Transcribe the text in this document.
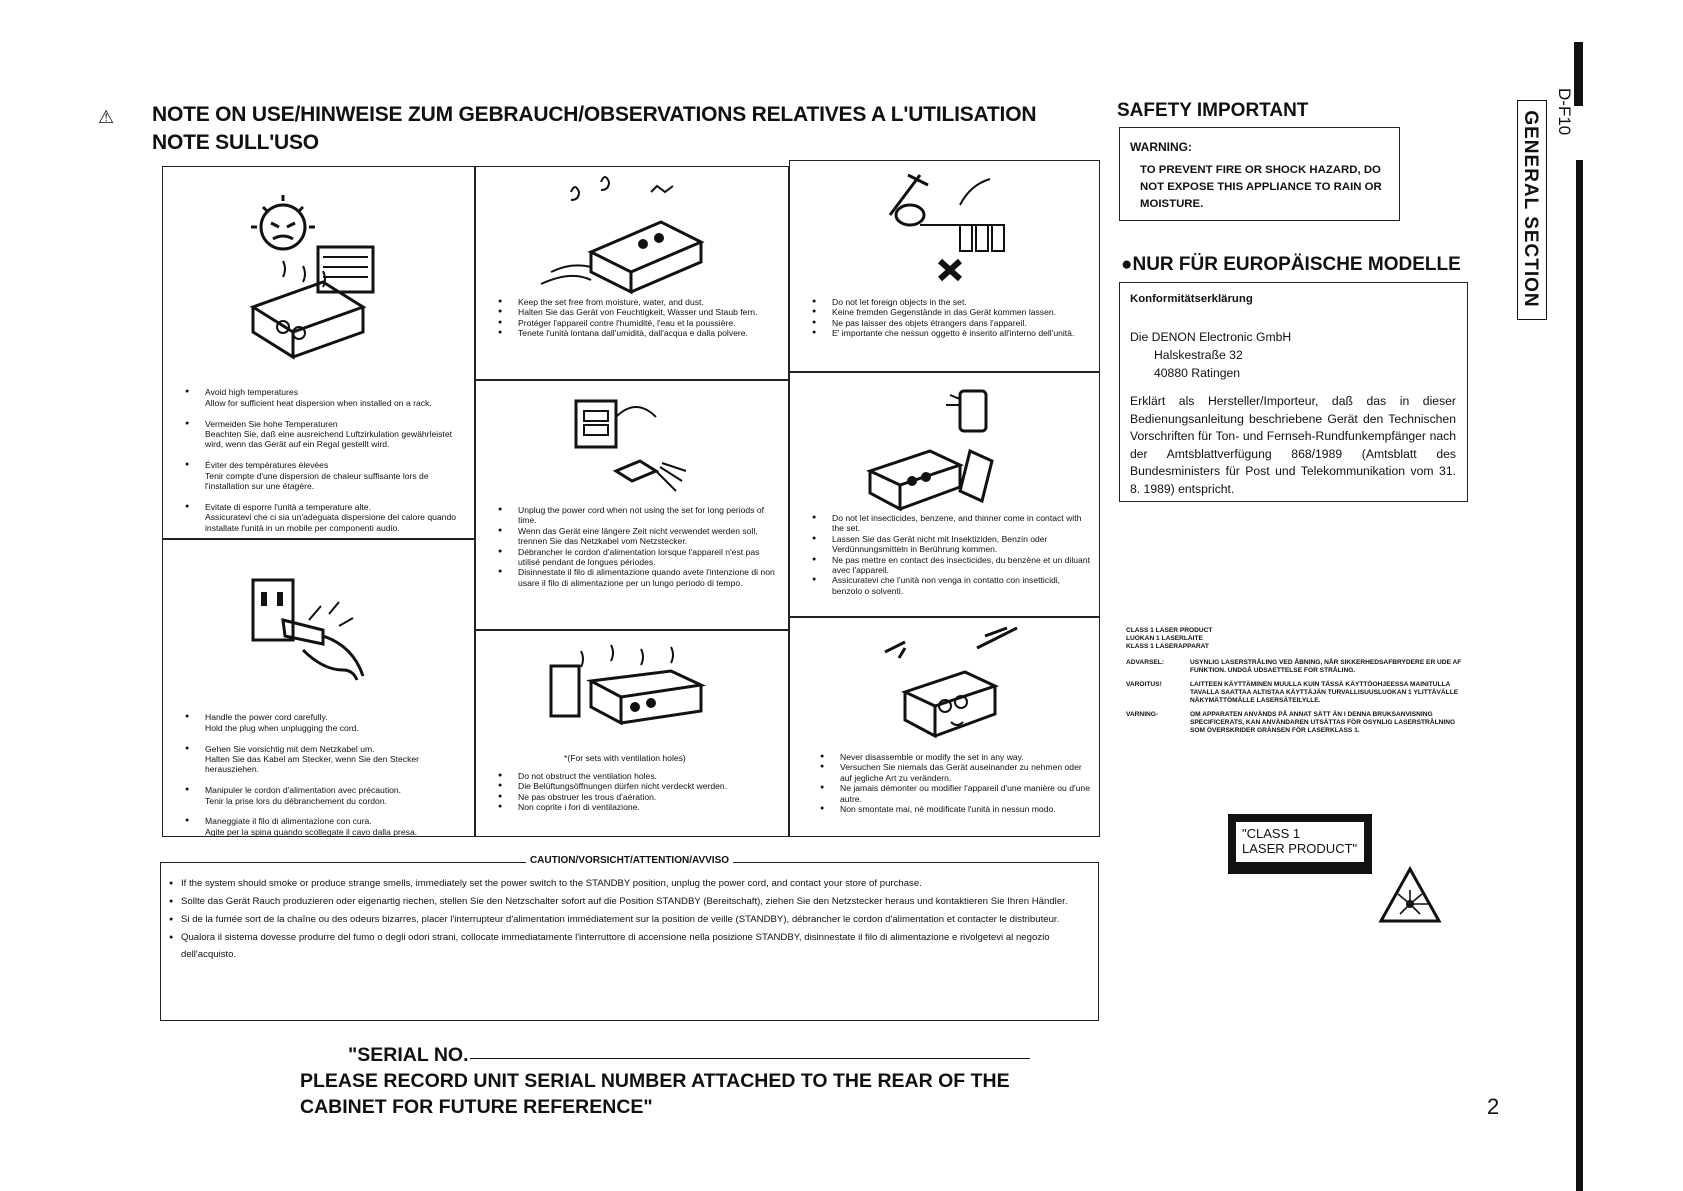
⚠ NOTE ON USE/HINWEISE ZUM GEBRAUCH/OBSERVATIONS RELATIVES A L'UTILISATION
NOTE SULL'USO

● Avoid high temperatures
Allow for sufficient heat dispersion when installed on a rack.

● Vermeiden Sie hohe Temperaturen
Beachten Sie, daß eine ausreichend Luftzirkulation gewährleistet wird, wenn das Gerät auf ein Regal gestellt wird.

● Éviter des températures élevées
Tenir compte d'une dispersion de chaleur suffisante lors de l'installation sur une étagère.

● Evitate di esporre l'unità a temperature alte.
Assicuratevi che ci sia un'adeguata dispersione del calore quando installate l'unità in un mobile per componenti audio.

● Handle the power cord carefully.
Hold the plug when unplugging the cord.

● Gehen Sie vorsichtig mit dem Netzkabel um.
Halten Sie das Kabel am Stecker, wenn Sie den Stecker herausziehen.

● Manipuler le cordon d'alimentation avec précaution.
Tenir la prise lors du débranchement du cordon.

● Maneggiate il filo di alimentazione con cura.
Agite per la spina quando scollegate il cavo dalla presa.

● Keep the set free from moisture, water, and dust.
● Halten Sie das Gerät von Feuchtigkeit, Wasser und Staub fern.
● Protéger l'appareil contre l'humidité, l'eau et la poussière.
● Tenete l'unità lontana dall'umidità, dall'acqua e dalla polvere.
● Unplug the power cord when not using the set for long periods of time.
● Wenn das Gerät eine längere Zeit nicht verwendet werden soll, trennen Sie das Netzkabel vom Netzstecker.
● Débrancher le cordon d'alimentation lorsque l'appareil n'est pas utilisé pendant de longues périodes.
● Disinnestate il filo di alimentazione quando avete l'intenzione di non usare il filo di alimentazione per un lungo periodo di tempo.
*(For sets with ventilation holes)
● Do not obstruct the ventilation holes.
● Die Belüftungsöffnungen dürfen nicht verdeckt werden.
● Ne pas obstruer les trous d'aération.
● Non coprite i fori di ventilazione.
● Do not let foreign objects in the set.
● Keine fremden Gegenstände in das Gerät kommen lassen.
● Ne pas laisser des objets étrangers dans l'appareil.
● E' importante che nessun oggetto è inserito all'interno dell'unità.
● Do not let insecticides, benzene, and thinner come in contact with the set.
● Lassen Sie das Gerät nicht mit Insektiziden, Benzin oder Verdünnungsmitteln in Berührung kommen.
● Ne pas mettre en contact des insecticides, du benzène et un diluant avec l'appareil.
● Assicuratevi che l'unità non venga in contatto con insetticidi, benzolo o solventi.
● Never disassemble or modify the set in any way.
● Versuchen Sie niemals das Gerät auseinander zu nehmen oder auf jegliche Art zu verändern.
● Ne jamais démonter ou modifier l'appareil d'une manière ou d'une autre.
● Non smontate mai, nè modificate l'unità in nessun modo.
CAUTION/VORSICHT/ATTENTION/AVVISO
● If the system should smoke or produce strange smells, immediately set the power switch to the STANDBY position, unplug the power cord, and contact your store of purchase.
● Sollte das Gerät Rauch produzieren oder eigenartig riechen, stellen Sie den Netzschalter sofort auf die Position STANDBY (Bereitschaft), ziehen Sie den Netzstecker heraus und kontaktieren Sie Ihren Händler.
● Si de la fumée sort de la chaîne ou des odeurs bizarres, placer l'interrupteur d'alimentation immédiatement sur la position de veille (STANDBY), débrancher le cordon d'alimentation et contacter le distributeur.
● Qualora il sistema dovesse produrre del fumo o degli odori strani, collocate immediatamente l'interruttore di accensione nella posizione STANDBY, disinnestate il filo di alimentazione e rivolgetevi al negozio dell'acquisto.
"SERIAL NO.
PLEASE RECORD UNIT SERIAL NUMBER ATTACHED TO THE REAR OF THE
CABINET FOR FUTURE REFERENCE"
SAFETY IMPORTANT
WARNING:
TO PREVENT FIRE OR SHOCK HAZARD, DO NOT EXPOSE THIS APPLIANCE TO RAIN OR MOISTURE.
●NUR FÜR EUROPÄISCHE MODELLE
Konformitätserklärung
Die DENON Electronic GmbH
Halskestraße 32
40880 Ratingen
Erklärt als Hersteller/Importeur, daß das in dieser Bedienungsanleitung beschriebene Gerät den Technischen Vorschriften für Ton- und Fernseh-Rundfunkempfänger nach der Amtsblattverfügung 868/1989 (Amtsblatt des Bundesministers für Post und Telekommunikation vom 31. 8. 1989) entspricht.
CLASS 1 LASER PRODUCT
LUOKAN 1 LASERLAITE
KLASS 1 LASERAPPARAT
ADVARSEL:	USYNLIG LASERSTRÅLING VED ÅBNING, NÅR SIKKERHEDSAFBRYDERE ER UDE AF FUNKTION. UNDGÅ UDSAETTELSE FOR STRÅLING.
VAROITUS!	LAITTEEN KÄYTTÄMINEN MUULLA KUIN TÄSSÄ KÄYTTÖOHJEESSA MAINITULLA TAVALLA SAATTAA ALTISTAA KÄYTTÄJÄN TURVALLISUUSLUOKAN 1 YLITTÄVÄLLE NÄKYMÄTTÖMÄLLE LASERSÄTEILYLLE.
VARNING-	OM APPARATEN ANVÄNDS PÅ ANNAT SÄTT ÄN I DENNA BRUKSANVISNING SPECIFICERATS, KAN ANVÄNDAREN UTSÄTTAS FÖR OSYNLIG LASERSTRÅLNING SOM ÖVERSKRIDER GRÄNSEN FÖR LASERKLASS 1.
"CLASS 1
LASER PRODUCT"
GENERAL SECTION D-F10
2
